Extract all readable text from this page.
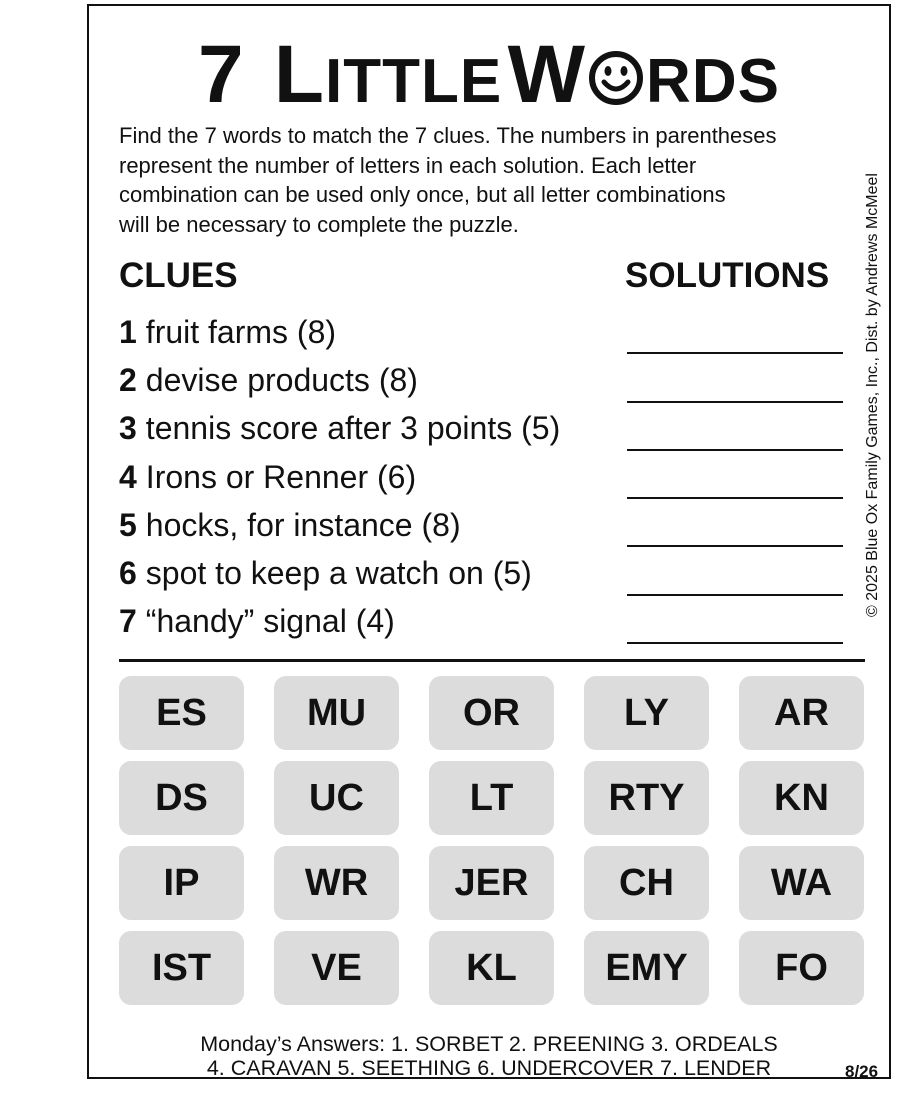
7  LITTLE W RDS

Find the 7 words to match the 7 clues. The numbers in parentheses

represent the number of letters in each solution. Each letter

combination can be used only once, but all letter combinations

will be necessary to complete the puzzle.

CLUES	SOLUTIONS
1 fruit farms (8)
2 devise products (8)
3 tennis score after 3 points (5)
4 Irons or Renner (6)
5 hocks, for instance (8)
6 spot to keep a watch on (5)
7 “handy” signal (4)
© 2025 Blue Ox Family Games, Inc., Dist. by Andrews McMeel
ES	MU	OR	LY	AR
DS	UC	LT	RTY	KN
IP	WR	JER	CH	WA
IST	VE	KL	EMY	FO
Monday’s Answers: 1. SORBET 2. PREENING 3. ORDEALS
4. CARAVAN 5. SEETHING 6. UNDERCOVER 7. LENDER	8/26
